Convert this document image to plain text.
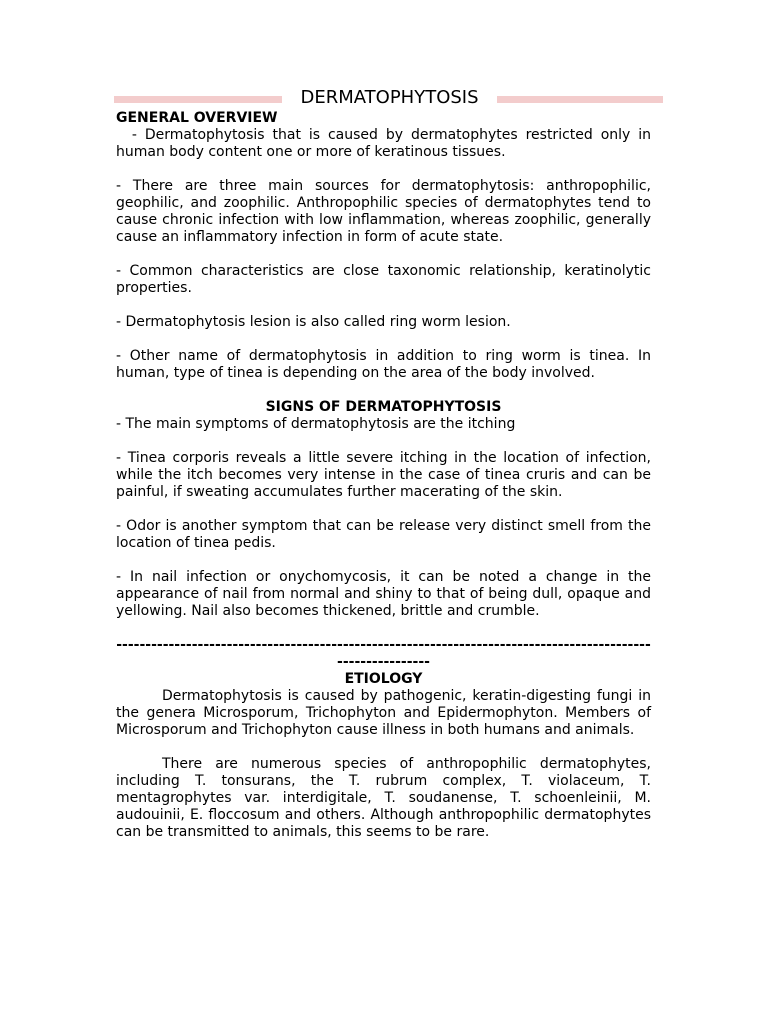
DERMATOPHYTOSIS
GENERAL OVERVIEW

- Dermatophytosis that is caused by dermatophytes restricted only in human body content one or more of keratinous tissues.

- There are three main sources for dermatophytosis: anthropophilic, geophilic, and zoophilic. Anthropophilic species of dermatophytes tend to cause chronic infection with low inflammation, whereas zoophilic, generally cause an inflammatory infection in form of acute state.

- Common characteristics are close taxonomic relationship, keratinolytic properties.

- Dermatophytosis lesion is also called ring worm lesion.

- Other name of dermatophytosis in addition to ring worm is tinea. In human, type of tinea is depending on the area of the body involved.

SIGNS OF DERMATOPHYTOSIS

- The main symptoms of dermatophytosis are the itching

- Tinea corporis reveals a little severe itching in the location of infection, while the itch becomes very intense in the case of tinea cruris and can be painful, if sweating accumulates further macerating of the skin.

- Odor is another symptom that can be release very distinct smell from the location of tinea pedis.

- In nail infection or onychomycosis, it can be noted a change in the appearance of nail from normal and shiny to that of being dull, opaque and yellowing. Nail also becomes thickened, brittle and crumble.

------------------------------------------------------------------------------------------------------------
ETIOLOGY

Dermatophytosis is caused by pathogenic, keratin-digesting fungi in the genera Microsporum, Trichophyton and Epidermophyton. Members of Microsporum and Trichophyton cause illness in both humans and animals.

There are numerous species of anthropophilic dermatophytes, including T. tonsurans, the T. rubrum complex, T. violaceum, T. mentagrophytes var. interdigitale, T. soudanense, T. schoenleinii, M. audouinii, E. floccosum and others. Although anthropophilic dermatophytes can be transmitted to animals, this seems to be rare.
